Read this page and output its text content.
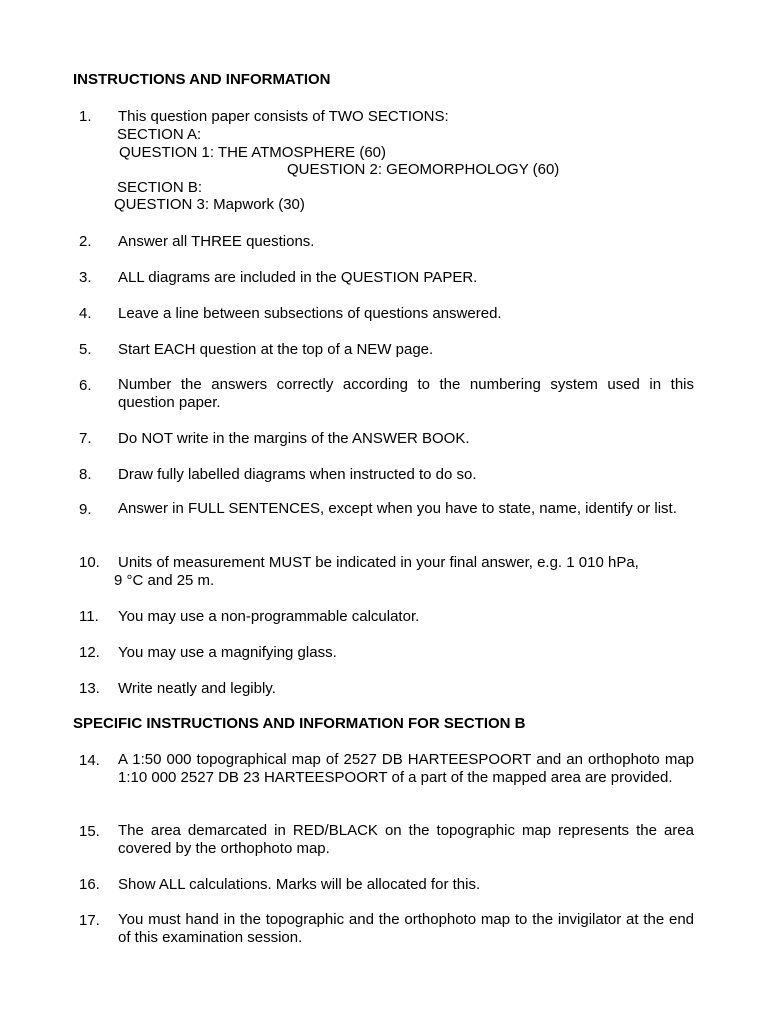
INSTRUCTIONS AND INFORMATION
1. This question paper consists of TWO SECTIONS:
SECTION A:
QUESTION 1: THE ATMOSPHERE (60)
QUESTION 2: GEOMORPHOLOGY (60)
SECTION B:
QUESTION 3: Mapwork (30)
2. Answer all THREE questions.
3. ALL diagrams are included in the QUESTION PAPER.
4. Leave a line between subsections of questions answered.
5. Start EACH question at the top of a NEW page.
6. Number the answers correctly according to the numbering system used in this question paper.
7. Do NOT write in the margins of the ANSWER BOOK.
8. Draw fully labelled diagrams when instructed to do so.
9. Answer in FULL SENTENCES, except when you have to state, name, identify or list.
10. Units of measurement MUST be indicated in your final answer, e.g. 1 010 hPa,
9 °C and 25 m.
11. You may use a non-programmable calculator.
12. You may use a magnifying glass.
13. Write neatly and legibly.
SPECIFIC INSTRUCTIONS AND INFORMATION FOR SECTION B
14. A 1:50 000 topographical map of 2527 DB HARTEESPOORT and an orthophoto map 1:10 000 2527 DB 23 HARTEESPOORT of a part of the mapped area are provided.
15. The area demarcated in RED/BLACK on the topographic map represents the area covered by the orthophoto map.
16. Show ALL calculations. Marks will be allocated for this.
17. You must hand in the topographic and the orthophoto map to the invigilator at the end of this examination session.
